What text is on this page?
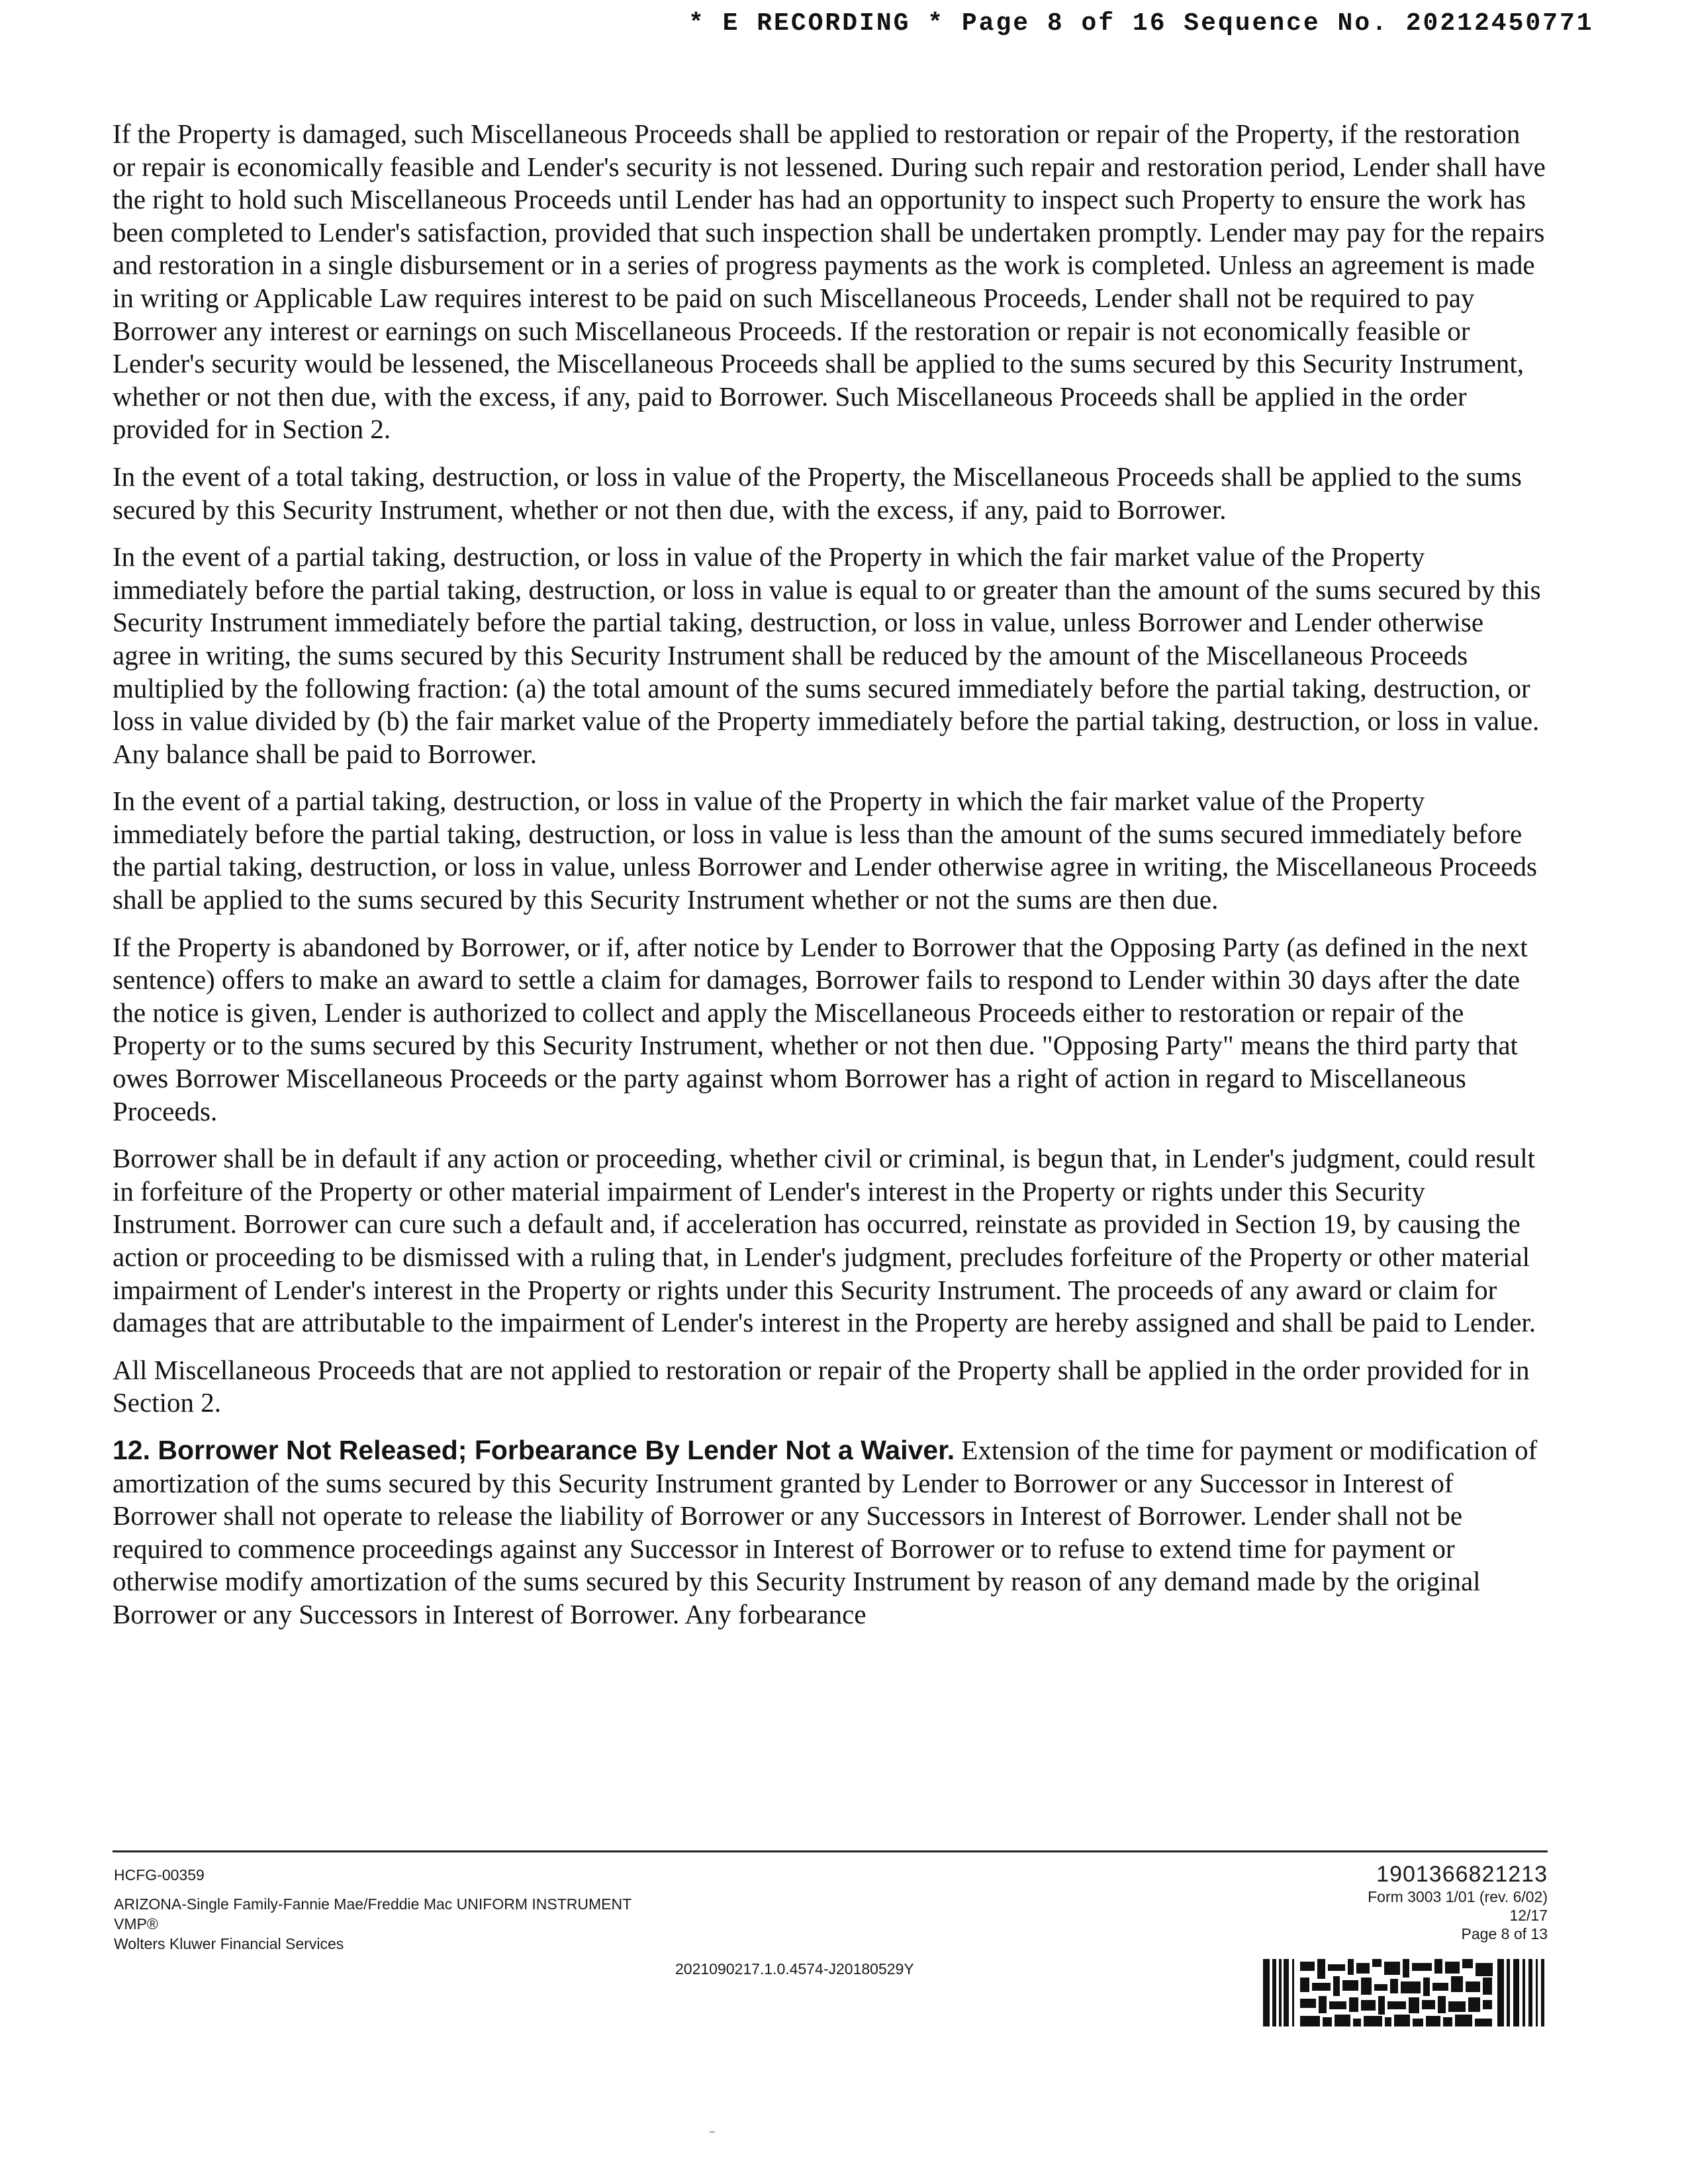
* E RECORDING * Page 8 of 16 Sequence No. 20212450771

If the Property is damaged, such Miscellaneous Proceeds shall be applied to restoration or repair of the Property, if the restoration or repair is economically feasible and Lender's security is not lessened. During such repair and restoration period, Lender shall have the right to hold such Miscellaneous Proceeds until Lender has had an opportunity to inspect such Property to ensure the work has been completed to Lender's satisfaction, provided that such inspection shall be undertaken promptly. Lender may pay for the repairs and restoration in a single disbursement or in a series of progress payments as the work is completed. Unless an agreement is made in writing or Applicable Law requires interest to be paid on such Miscellaneous Proceeds, Lender shall not be required to pay Borrower any interest or earnings on such Miscellaneous Proceeds. If the restoration or repair is not economically feasible or Lender's security would be lessened, the Miscellaneous Proceeds shall be applied to the sums secured by this Security Instrument, whether or not then due, with the excess, if any, paid to Borrower. Such Miscellaneous Proceeds shall be applied in the order provided for in Section 2.

In the event of a total taking, destruction, or loss in value of the Property, the Miscellaneous Proceeds shall be applied to the sums secured by this Security Instrument, whether or not then due, with the excess, if any, paid to Borrower.

In the event of a partial taking, destruction, or loss in value of the Property in which the fair market value of the Property immediately before the partial taking, destruction, or loss in value is equal to or greater than the amount of the sums secured by this Security Instrument immediately before the partial taking, destruction, or loss in value, unless Borrower and Lender otherwise agree in writing, the sums secured by this Security Instrument shall be reduced by the amount of the Miscellaneous Proceeds multiplied by the following fraction: (a) the total amount of the sums secured immediately before the partial taking, destruction, or loss in value divided by (b) the fair market value of the Property immediately before the partial taking, destruction, or loss in value. Any balance shall be paid to Borrower.

In the event of a partial taking, destruction, or loss in value of the Property in which the fair market value of the Property immediately before the partial taking, destruction, or loss in value is less than the amount of the sums secured immediately before the partial taking, destruction, or loss in value, unless Borrower and Lender otherwise agree in writing, the Miscellaneous Proceeds shall be applied to the sums secured by this Security Instrument whether or not the sums are then due.

If the Property is abandoned by Borrower, or if, after notice by Lender to Borrower that the Opposing Party (as defined in the next sentence) offers to make an award to settle a claim for damages, Borrower fails to respond to Lender within 30 days after the date the notice is given, Lender is authorized to collect and apply the Miscellaneous Proceeds either to restoration or repair of the Property or to the sums secured by this Security Instrument, whether or not then due. "Opposing Party" means the third party that owes Borrower Miscellaneous Proceeds or the party against whom Borrower has a right of action in regard to Miscellaneous Proceeds.

Borrower shall be in default if any action or proceeding, whether civil or criminal, is begun that, in Lender's judgment, could result in forfeiture of the Property or other material impairment of Lender's interest in the Property or rights under this Security Instrument. Borrower can cure such a default and, if acceleration has occurred, reinstate as provided in Section 19, by causing the action or proceeding to be dismissed with a ruling that, in Lender's judgment, precludes forfeiture of the Property or other material impairment of Lender's interest in the Property or rights under this Security Instrument. The proceeds of any award or claim for damages that are attributable to the impairment of Lender's interest in the Property are hereby assigned and shall be paid to Lender.

All Miscellaneous Proceeds that are not applied to restoration or repair of the Property shall be applied in the order provided for in Section 2.

12. Borrower Not Released; Forbearance By Lender Not a Waiver. Extension of the time for payment or modification of amortization of the sums secured by this Security Instrument granted by Lender to Borrower or any Successor in Interest of Borrower shall not operate to release the liability of Borrower or any Successors in Interest of Borrower. Lender shall not be required to commence proceedings against any Successor in Interest of Borrower or to refuse to extend time for payment or otherwise modify amortization of the sums secured by this Security Instrument by reason of any demand made by the original Borrower or any Successors in Interest of Borrower. Any forbearance

HCFG-00359
ARIZONA-Single Family-Fannie Mae/Freddie Mac UNIFORM INSTRUMENT
VMP®
Wolters Kluwer Financial Services
2021090217.1.0.4574-J20180529Y
1901366821213
Form 3003 1/01 (rev. 6/02)
12/17
Page 8 of 13
